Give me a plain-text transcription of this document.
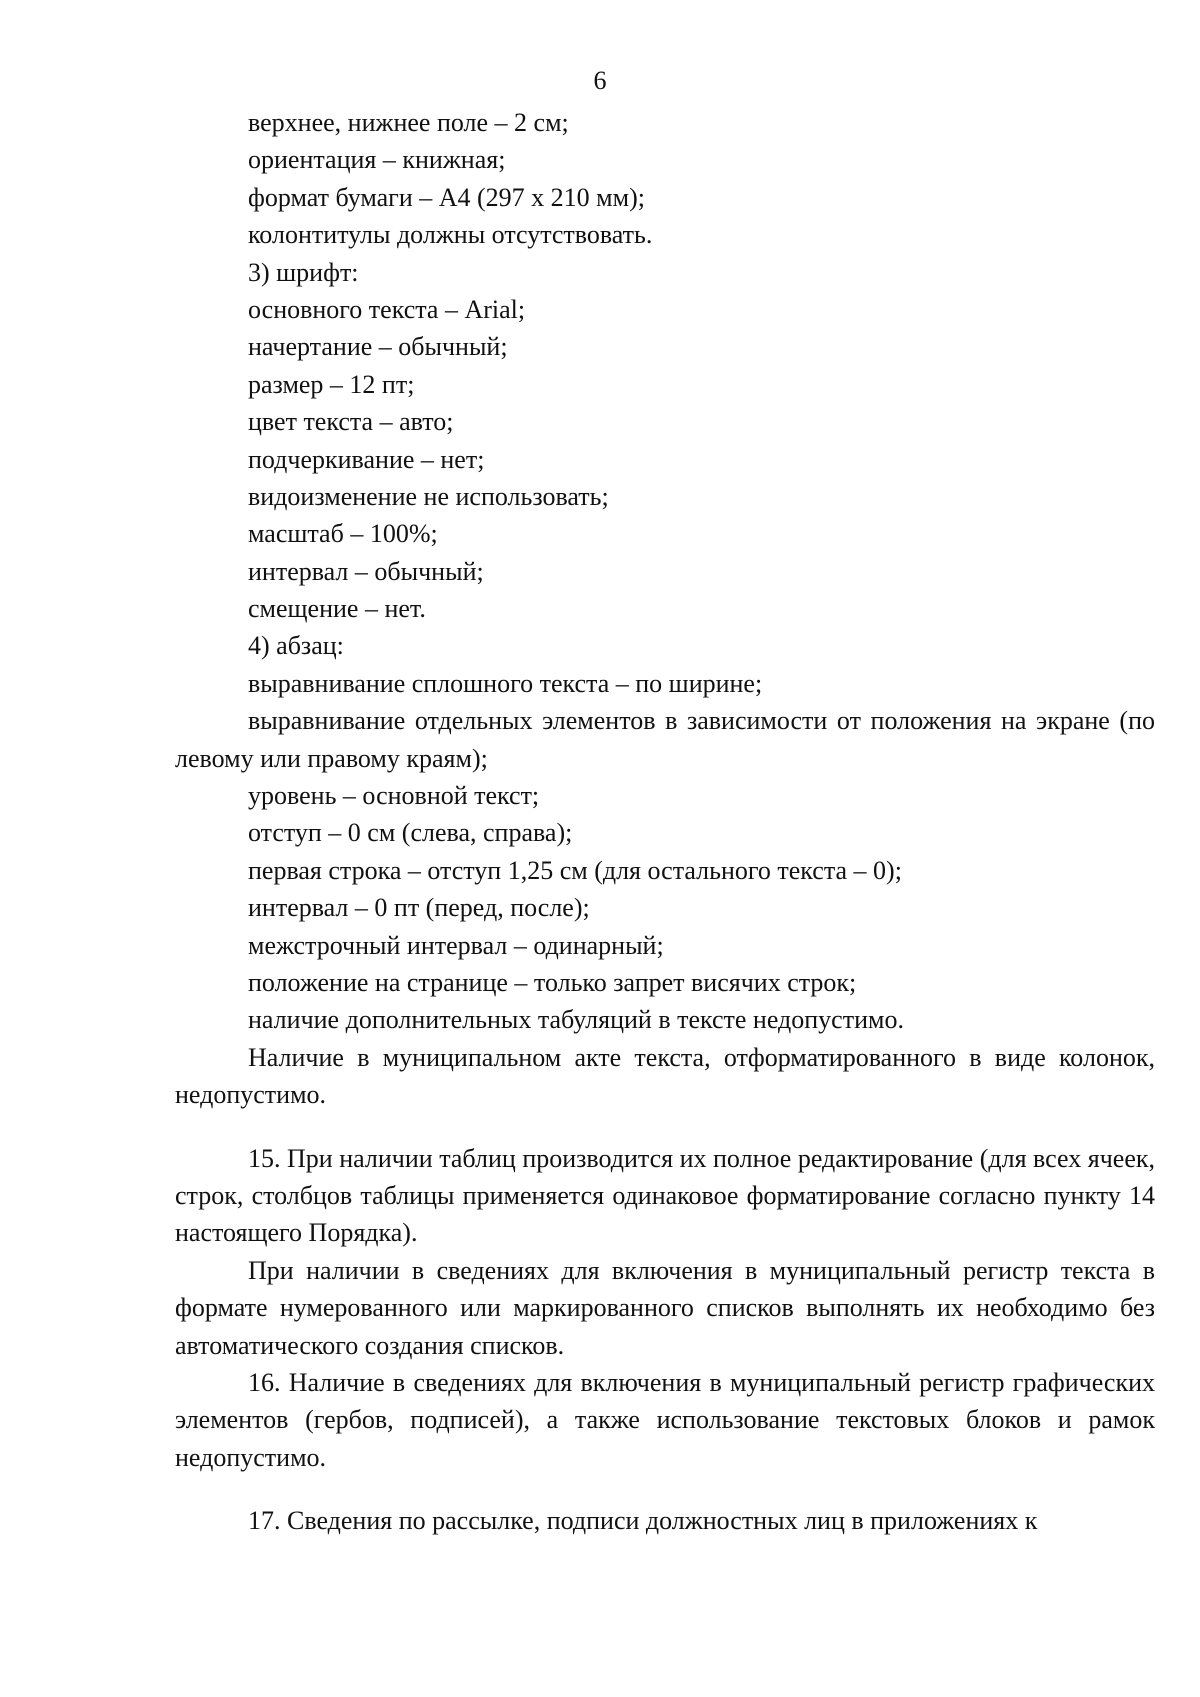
6
верхнее, нижнее поле – 2 см;
ориентация – книжная;
формат бумаги – А4 (297 х 210 мм);
колонтитулы должны отсутствовать.
3) шрифт:
основного текста – Arial;
начертание – обычный;
размер – 12 пт;
цвет текста – авто;
подчеркивание – нет;
видоизменение не использовать;
масштаб – 100%;
интервал – обычный;
смещение – нет.
4) абзац:
выравнивание сплошного текста – по ширине;
выравнивание отдельных элементов в зависимости от положения на экране (по левому или правому краям);
уровень – основной текст;
отступ – 0 см (слева, справа);
первая строка – отступ 1,25 см (для остального текста – 0);
интервал – 0 пт (перед, после);
межстрочный интервал – одинарный;
положение на странице – только запрет висячих строк;
наличие дополнительных табуляций в тексте недопустимо.
Наличие в муниципальном акте текста, отформатированного в виде колонок, недопустимо.
15. При наличии таблиц производится их полное редактирование (для всех ячеек, строк, столбцов таблицы применяется одинаковое форматирование согласно пункту 14 настоящего Порядка).
При наличии в сведениях для включения в муниципальный регистр текста в формате нумерованного или маркированного списков выполнять их необходимо без автоматического создания списков.
16. Наличие в сведениях для включения в муниципальный регистр графических элементов (гербов, подписей), а также использование текстовых блоков и рамок недопустимо.
17. Сведения по рассылке, подписи должностных лиц в приложениях к
